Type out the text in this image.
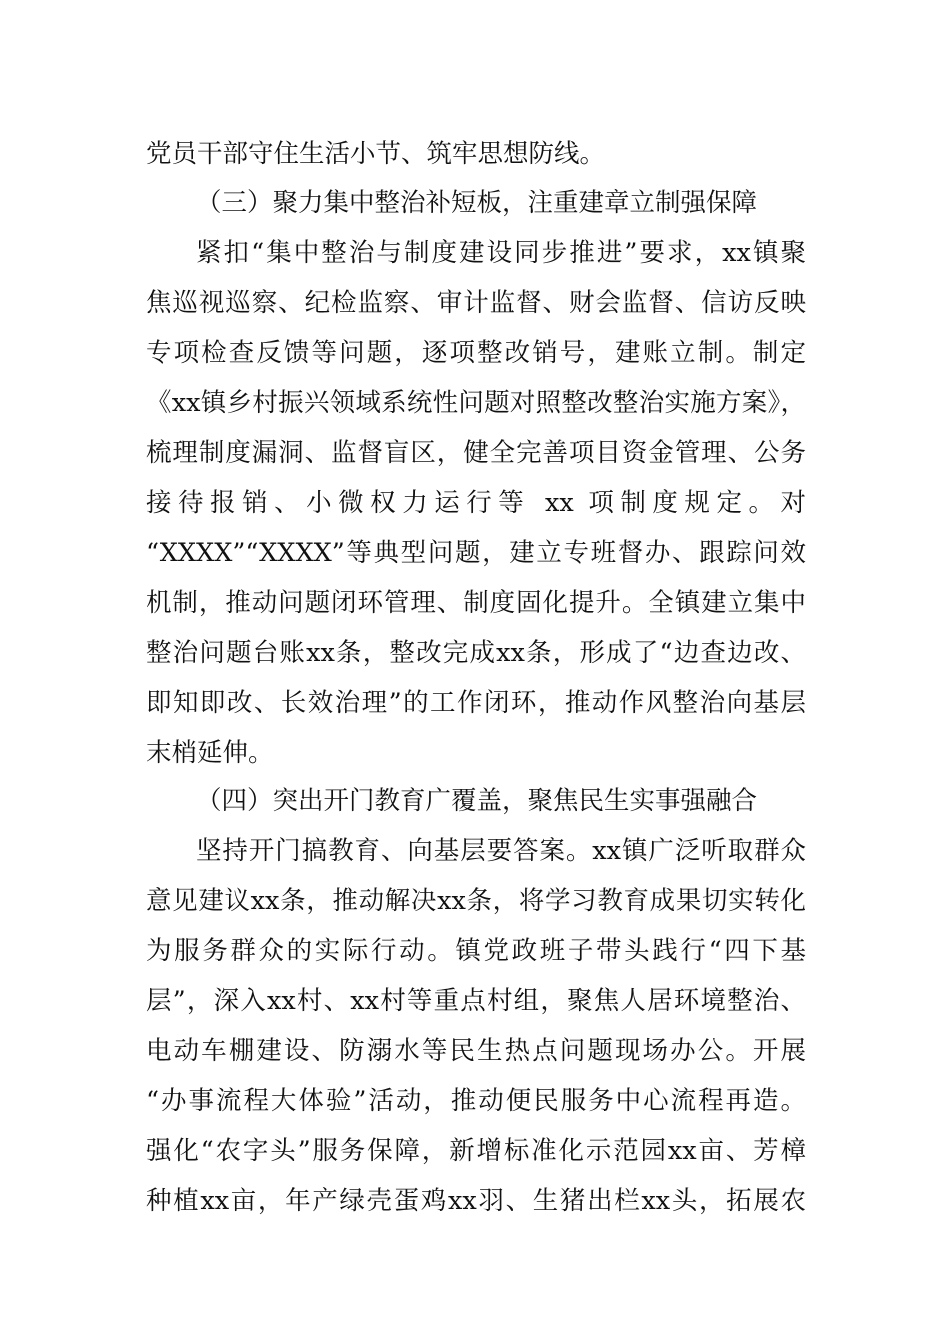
党员干部守住生活小节、筑牢思想防线。
（三）聚力集中整治补短板，注重建章立制强保障
紧扣“集中整治与制度建设同步推进”要求，xx镇聚
焦巡视巡察、纪检监察、审计监督、财会监督、信访反映
专项检查反馈等问题，逐项整改销号，建账立制。制定
《xx镇乡村振兴领域系统性问题对照整改整治实施方案》，
梳理制度漏洞、监督盲区，健全完善项目资金管理、公务
接待报销、小微权力运行等 xx 项制度规定。对
“XXXX”“XXXX”等典型问题，建立专班督办、跟踪问效
机制，推动问题闭环管理、制度固化提升。全镇建立集中
整治问题台账xx条，整改完成xx条，形成了“边查边改、
即知即改、长效治理”的工作闭环，推动作风整治向基层
末梢延伸。
（四）突出开门教育广覆盖，聚焦民生实事强融合
坚持开门搞教育、向基层要答案。xx镇广泛听取群众
意见建议xx条，推动解决xx条，将学习教育成果切实转化
为服务群众的实际行动。镇党政班子带头践行“四下基
层”，深入xx村、xx村等重点村组，聚焦人居环境整治、
电动车棚建设、防溺水等民生热点问题现场办公。开展
“办事流程大体验”活动，推动便民服务中心流程再造。
强化“农字头”服务保障，新增标准化示范园xx亩、芳樟
种植xx亩，年产绿壳蛋鸡xx羽、生猪出栏xx头，拓展农
